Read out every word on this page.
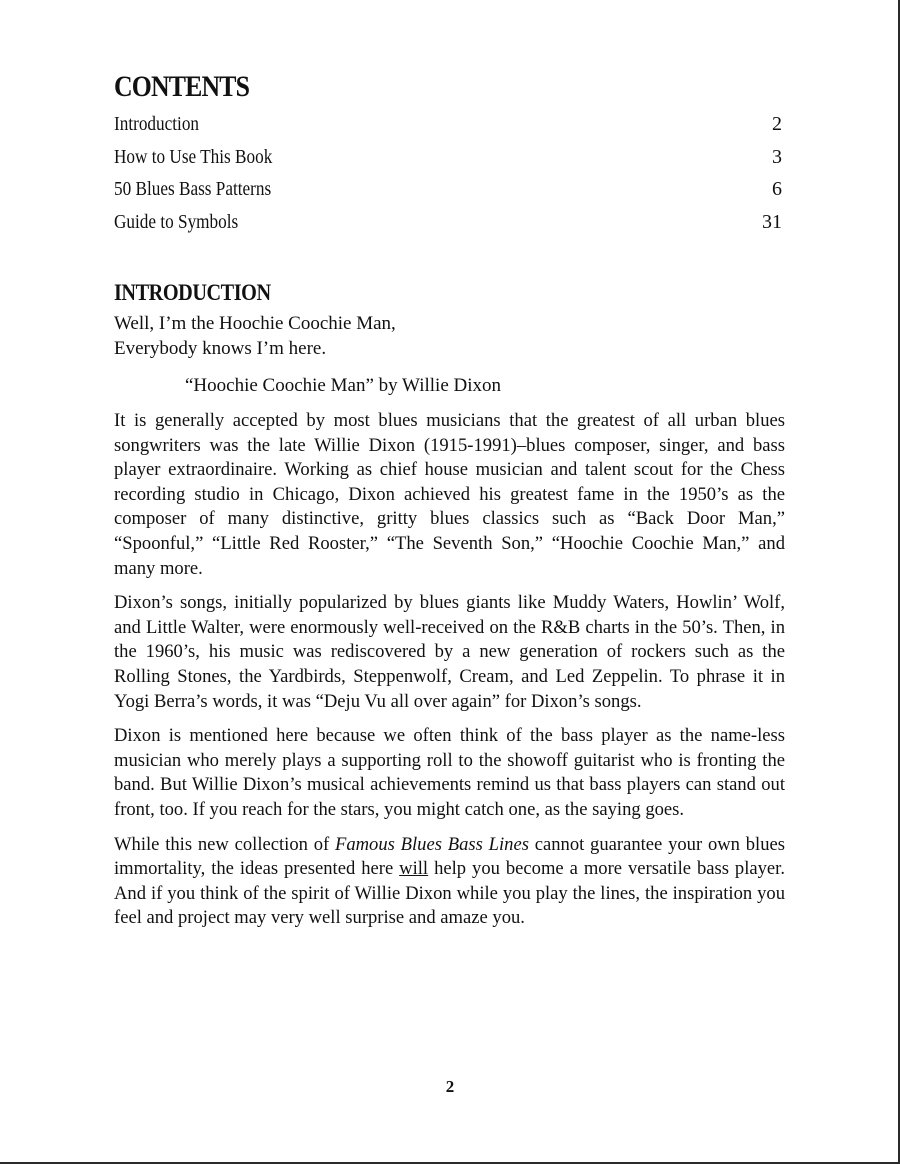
CONTENTS
Introduction	2
How to Use This Book	3
50 Blues Bass Patterns	6
Guide to Symbols	31
INTRODUCTION

Well, I’m the Hoochie Coochie Man,
Everybody knows I’m here.

“Hoochie Coochie Man” by Willie Dixon

It is generally accepted by most blues musicians that the greatest of all urban blues songwriters was the late Willie Dixon (1915-1991)–blues composer, singer, and bass player extraordinaire. Working as chief house musician and talent scout for the Chess recording studio in Chicago, Dixon achieved his greatest fame in the 1950’s as the composer of many distinctive, gritty blues classics such as “Back Door Man,” “Spoonful,” “Little Red Rooster,” “The Seventh Son,” “Hoochie Coochie Man,” and many more.

Dixon’s songs, initially popularized by blues giants like Muddy Waters, Howlin’ Wolf, and Little Walter, were enormously well-received on the R&B charts in the 50’s. Then, in the 1960’s, his music was rediscovered by a new generation of rockers such as the Rolling Stones, the Yardbirds, Steppenwolf, Cream, and Led Zeppelin. To phrase it in Yogi Berra’s words, it was “Deju Vu all over again” for Dixon’s songs.

Dixon is mentioned here because we often think of the bass player as the name-less musician who merely plays a supporting roll to the showoff guitarist who is fronting the band. But Willie Dixon’s musical achievements remind us that bass players can stand out front, too. If you reach for the stars, you might catch one, as the saying goes.

While this new collection of Famous Blues Bass Lines cannot guarantee your own blues immortality, the ideas presented here will help you become a more versatile bass player. And if you think of the spirit of Willie Dixon while you play the lines, the inspiration you feel and project may very well surprise and amaze you.

2
